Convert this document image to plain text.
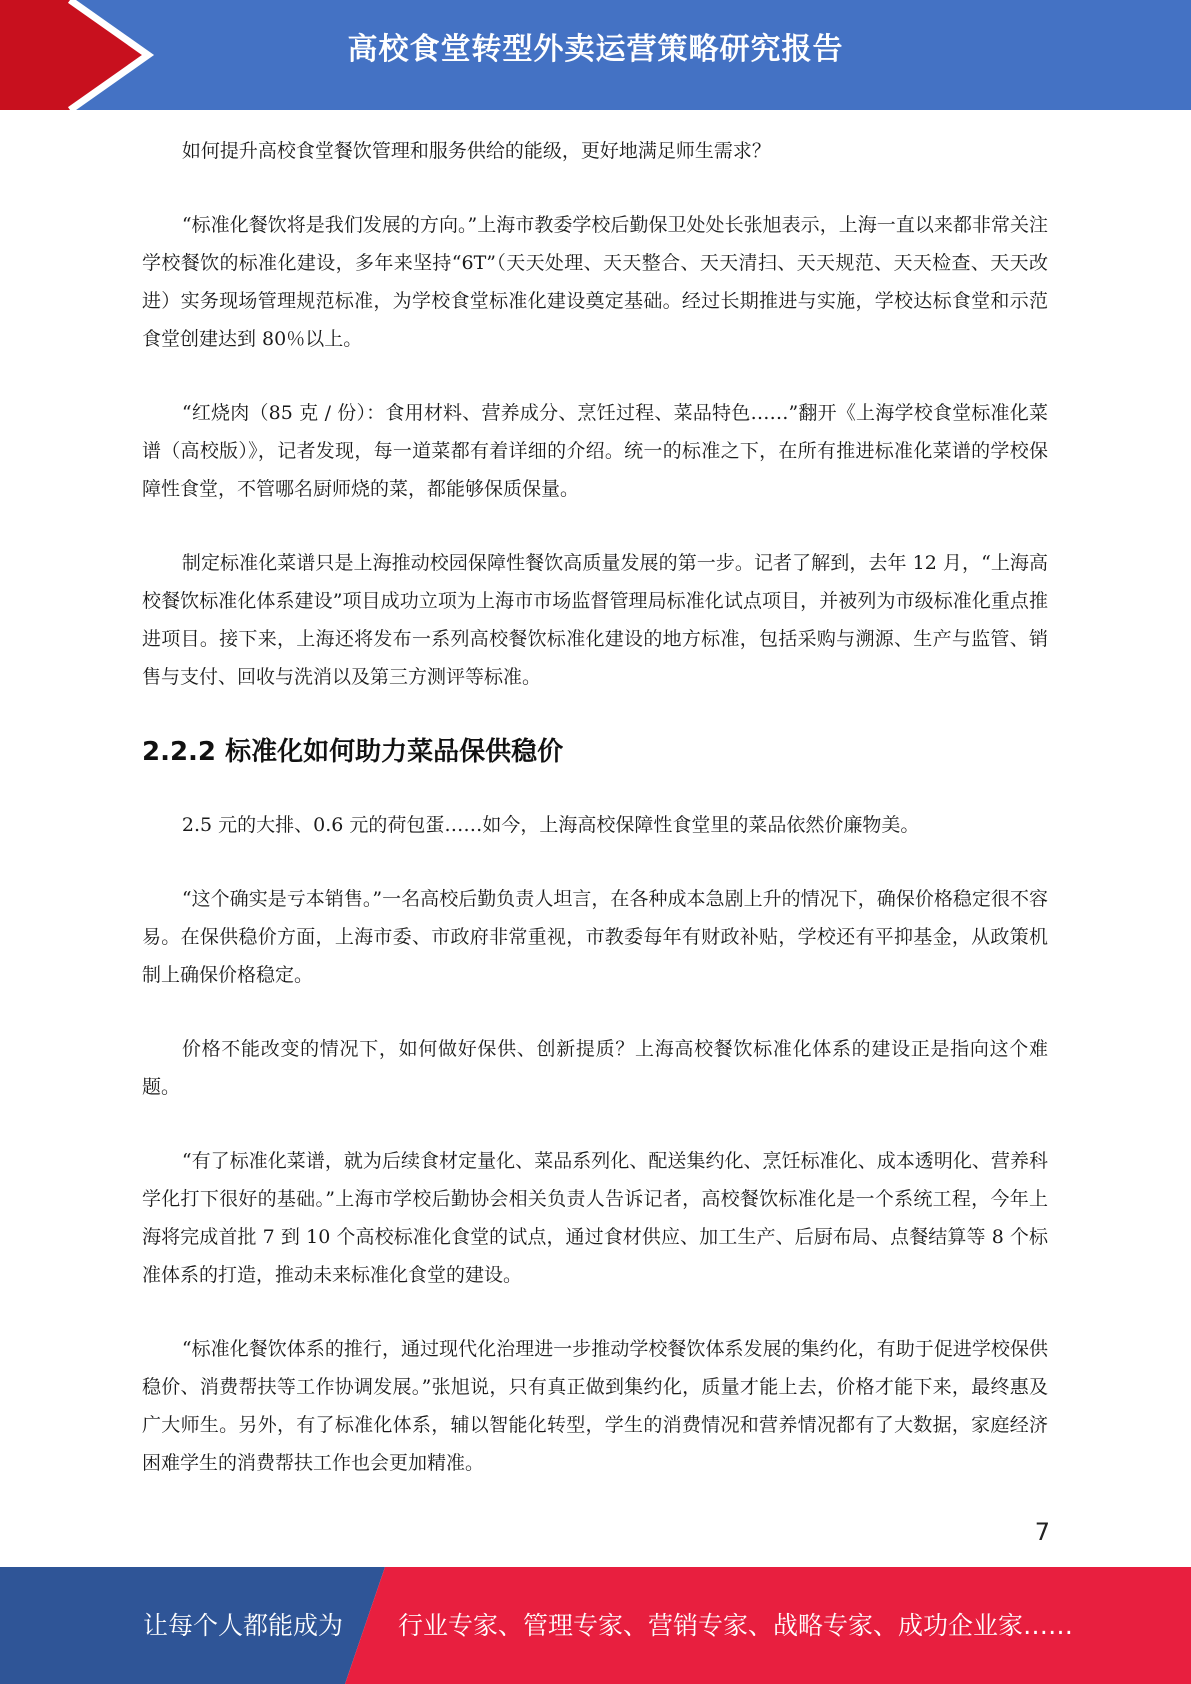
高校食堂转型外卖运营策略研究报告

如何提升高校食堂餐饮管理和服务供给的能级，更好地满足师生需求？

“标准化餐饮将是我们发展的方向。”上海市教委学校后勤保卫处处长张旭表示，上海一直以来都非常关注学校餐饮的标准化建设，多年来坚持“6T”（天天处理、天天整合、天天清扫、天天规范、天天检查、天天改进）实务现场管理规范标准，为学校食堂标准化建设奠定基础。经过长期推进与实施，学校达标食堂和示范食堂创建达到 80％以上。

“红烧肉（85 克 / 份）：食用材料、营养成分、烹饪过程、菜品特色……”翻开《上海学校食堂标准化菜谱（高校版）》，记者发现，每一道菜都有着详细的介绍。统一的标准之下，在所有推进标准化菜谱的学校保障性食堂，不管哪名厨师烧的菜，都能够保质保量。

制定标准化菜谱只是上海推动校园保障性餐饮高质量发展的第一步。记者了解到，去年 12 月，“上海高校餐饮标准化体系建设”项目成功立项为上海市市场监督管理局标准化试点项目，并被列为市级标准化重点推进项目。接下来，上海还将发布一系列高校餐饮标准化建设的地方标准，包括采购与溯源、生产与监管、销售与支付、回收与洗消以及第三方测评等标准。

2.2.2 标准化如何助力菜品保供稳价

2.5 元的大排、0.6 元的荷包蛋……如今，上海高校保障性食堂里的菜品依然价廉物美。

“这个确实是亏本销售。”一名高校后勤负责人坦言，在各种成本急剧上升的情况下，确保价格稳定很不容易。在保供稳价方面，上海市委、市政府非常重视，市教委每年有财政补贴，学校还有平抑基金，从政策机制上确保价格稳定。

价格不能改变的情况下，如何做好保供、创新提质？上海高校餐饮标准化体系的建设正是指向这个难题。

“有了标准化菜谱，就为后续食材定量化、菜品系列化、配送集约化、烹饪标准化、成本透明化、营养科学化打下很好的基础。”上海市学校后勤协会相关负责人告诉记者，高校餐饮标准化是一个系统工程，今年上海将完成首批 7 到 10 个高校标准化食堂的试点，通过食材供应、加工生产、后厨布局、点餐结算等 8 个标准体系的打造，推动未来标准化食堂的建设。

“标准化餐饮体系的推行，通过现代化治理进一步推动学校餐饮体系发展的集约化，有助于促进学校保供稳价、消费帮扶等工作协调发展。”张旭说，只有真正做到集约化，质量才能上去，价格才能下来，最终惠及广大师生。另外，有了标准化体系，辅以智能化转型，学生的消费情况和营养情况都有了大数据，家庭经济困难学生的消费帮扶工作也会更加精准。

7
让每个人都能成为 行业专家、管理专家、营销专家、战略专家、成功企业家……
